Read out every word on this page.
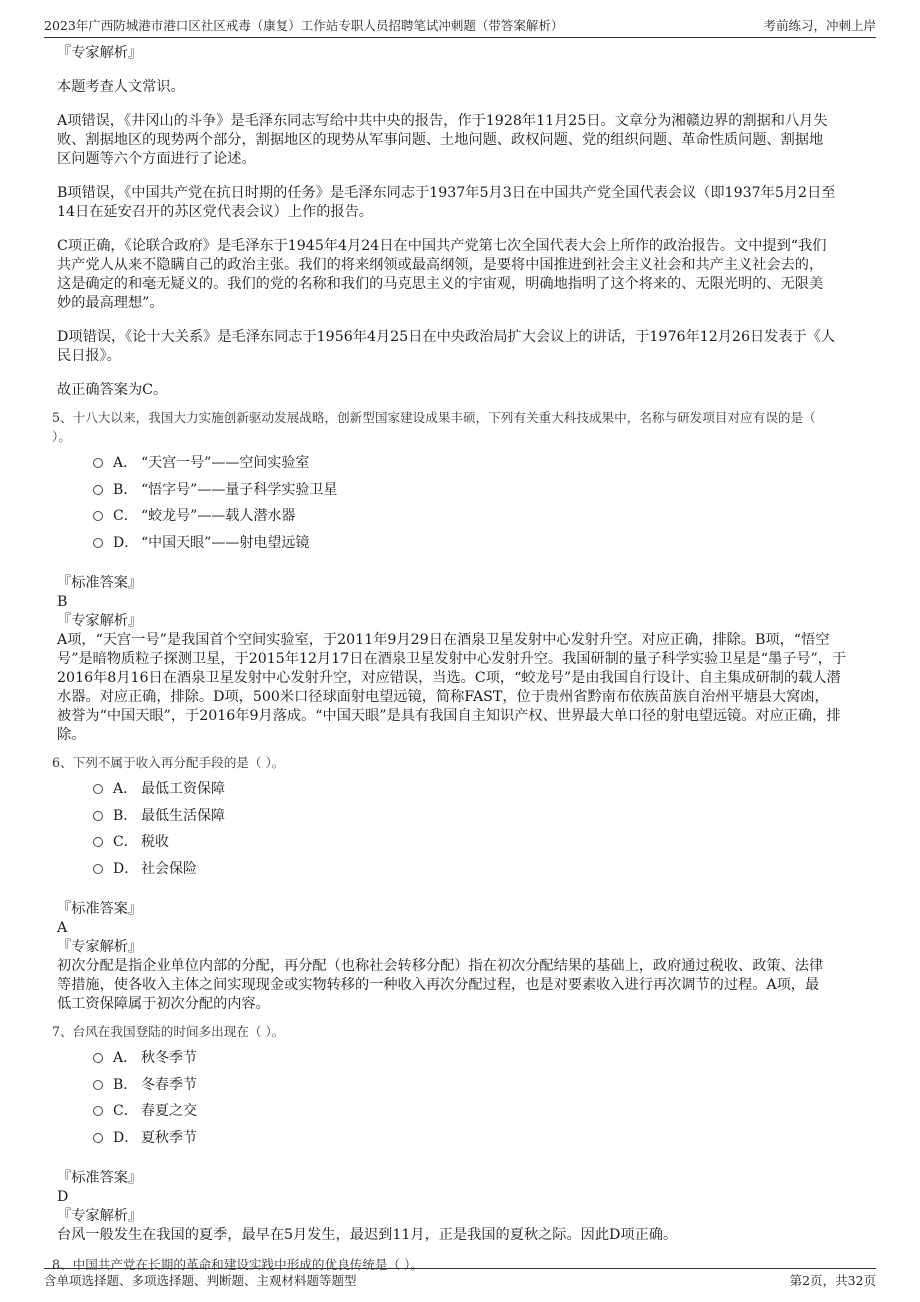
2023年广西防城港市港口区社区戒毒（康复）工作站专职人员招聘笔试冲刺题（带答案解析）	考前练习，冲刺上岸

『专家解析』

本题考查人文常识。

A项错误，《井冈山的斗争》是毛泽东同志写给中共中央的报告，作于1928年11月25日。文章分为湘赣边界的割据和八月失

败、割据地区的现势两个部分，割据地区的现势从军事问题、土地问题、政权问题、党的组织问题、革命性质问题、割据地

区问题等六个方面进行了论述。

B项错误，《中国共产党在抗日时期的任务》是毛泽东同志于1937年5月3日在中国共产党全国代表会议（即1937年5月2日至

14日在延安召开的苏区党代表会议）上作的报告。

C项正确，《论联合政府》是毛泽东于1945年4月24日在中国共产党第七次全国代表大会上所作的政治报告。文中提到“我们

共产党人从来不隐瞒自己的政治主张。我们的将来纲领或最高纲领，是要将中国推进到社会主义社会和共产主义社会去的，

这是确定的和毫无疑义的。我们的党的名称和我们的马克思主义的宇宙观，明确地指明了这个将来的、无限光明的、无限美

妙的最高理想”。

D项错误，《论十大关系》是毛泽东同志于1956年4月25日在中央政治局扩大会议上的讲话，于1976年12月26日发表于《人

民日报》。

故正确答案为C。

5、十八大以来，我国大力实施创新驱动发展战略，创新型国家建设成果丰硕，下列有关重大科技成果中，名称与研发项目对应有误的是（
）。
A． “天宫一号”——空间实验室
B． “悟字号”——量子科学实验卫星
C． “蛟龙号”——载人潜水器
D． “中国天眼”——射电望远镜

『标准答案』

B

『专家解析』

A项，“天宫一号”是我国首个空间实验室，于2011年9月29日在酒泉卫星发射中心发射升空。对应正确，排除。B项，“悟空

号”是暗物质粒子探测卫星，于2015年12月17日在酒泉卫星发射中心发射升空。我国研制的量子科学实验卫星是“墨子号”，于

2016年8月16日在酒泉卫星发射中心发射升空，对应错误，当选。C项，“蛟龙号”是由我国自行设计、自主集成研制的载人潜

水器。对应正确，排除。D项，500米口径球面射电望远镜，简称FAST，位于贵州省黔南布依族苗族自治州平塘县大窝凼，

被誉为“中国天眼”，于2016年9月落成。“中国天眼”是具有我国自主知识产权、世界最大单口径的射电望远镜。对应正确，排

除。

6、下列不属于收入再分配手段的是（ ）。
A． 最低工资保障
B． 最低生活保障
C． 税收
D． 社会保险

『标准答案』

A

『专家解析』

初次分配是指企业单位内部的分配，再分配（也称社会转移分配）指在初次分配结果的基础上，政府通过税收、政策、法律

等措施，使各收入主体之间实现现金或实物转移的一种收入再次分配过程，也是对要素收入进行再次调节的过程。A项，最

低工资保障属于初次分配的内容。

7、台风在我国登陆的时间多出现在（ ）。
A． 秋冬季节
B． 冬春季节
C． 春夏之交
D． 夏秋季节

『标准答案』

D

『专家解析』

台风一般发生在我国的夏季，最早在5月发生，最迟到11月，正是我国的夏秋之际。因此D项正确。

8、中国共产党在长期的革命和建设实践中形成的优良传统是（ ）。
含单项选择题、多项选择题、判断题、主观材料题等题型	第2页，共32页
